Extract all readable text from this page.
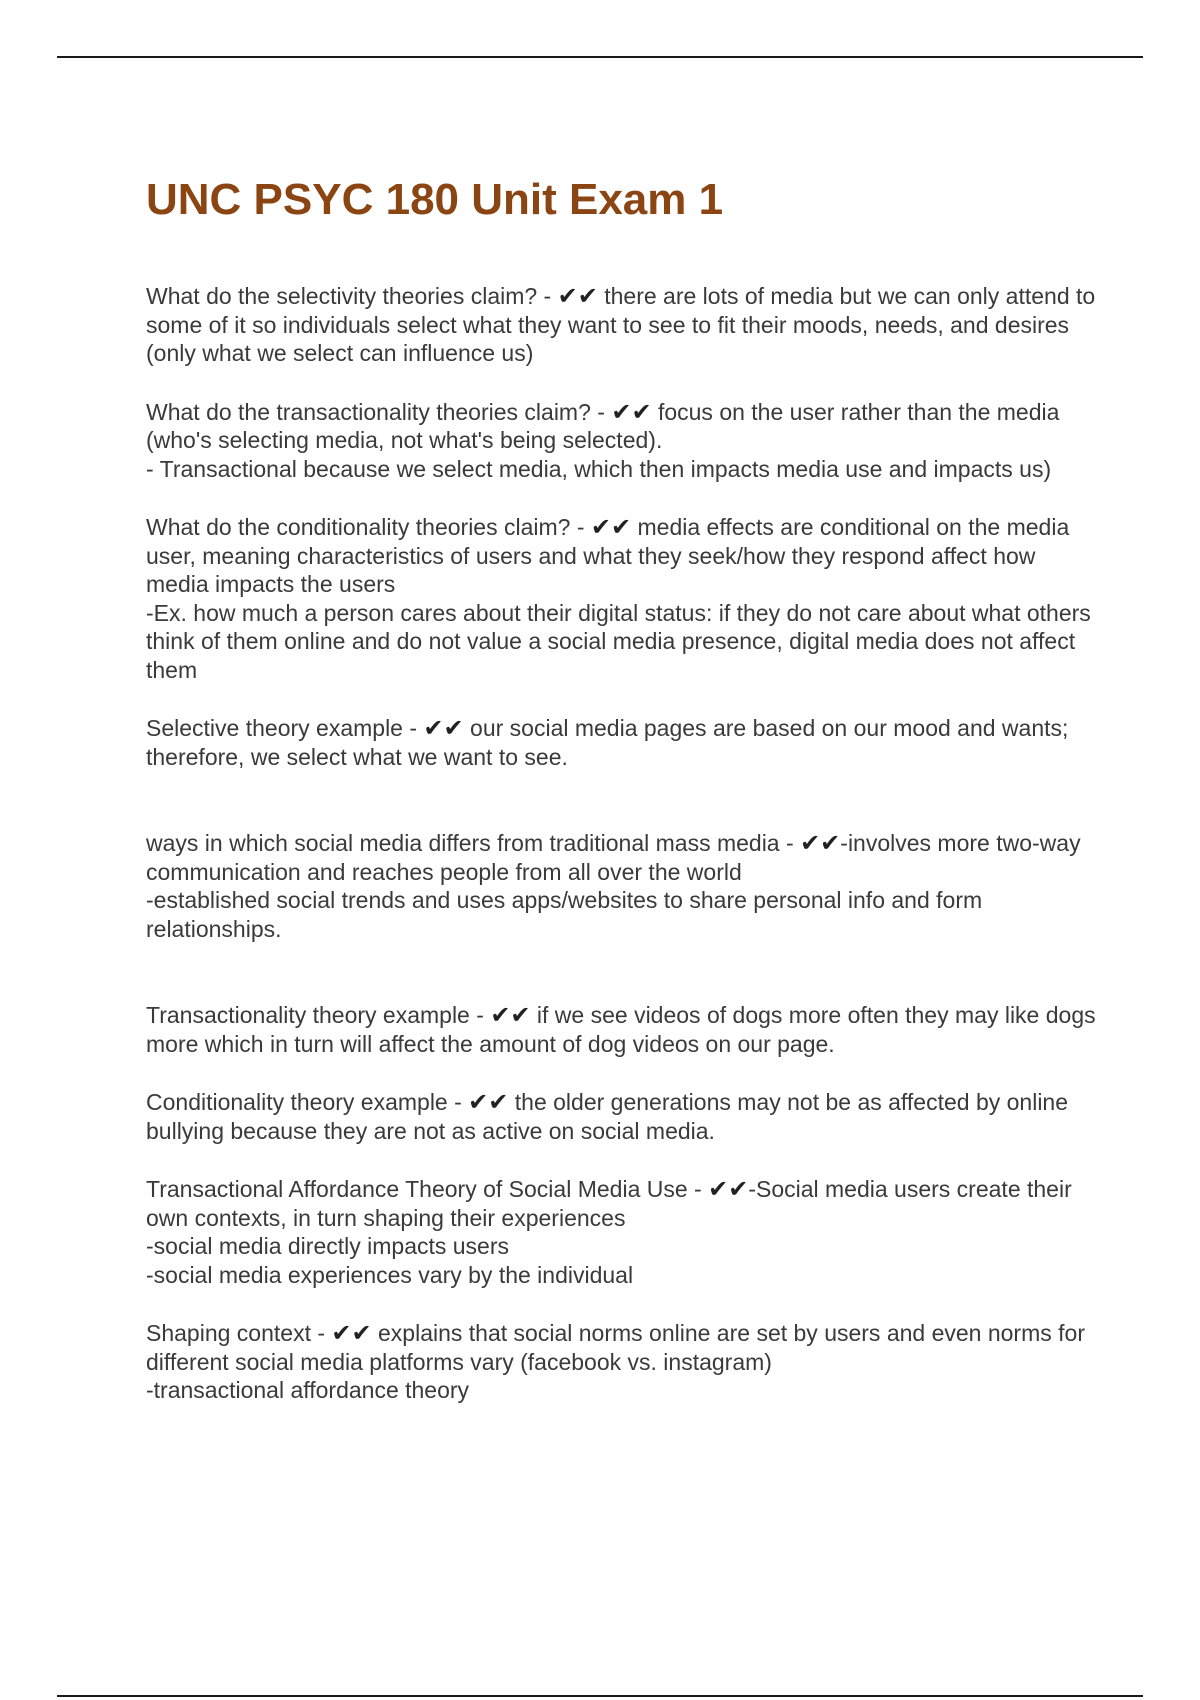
UNC PSYC 180 Unit Exam 1
What do the selectivity theories claim? - ✔✔ there are lots of media but we can only attend to some of it so individuals select what they want to see to fit their moods, needs, and desires (only what we select can influence us)
What do the transactionality theories claim? - ✔✔ focus on the user rather than the media (who's selecting media, not what's being selected).
- Transactional because we select media, which then impacts media use and impacts us)
What do the conditionality theories claim? - ✔✔ media effects are conditional on the media user, meaning characteristics of users and what they seek/how they respond affect how media impacts the users
-Ex. how much a person cares about their digital status: if they do not care about what others think of them online and do not value a social media presence, digital media does not affect them
Selective theory example - ✔✔ our social media pages are based on our mood and wants; therefore, we select what we want to see.
ways in which social media differs from traditional mass media - ✔✔-involves more two-way communication and reaches people from all over the world
-established social trends and uses apps/websites to share personal info and form relationships.
Transactionality theory example - ✔✔ if we see videos of dogs more often they may like dogs more which in turn will affect the amount of dog videos on our page.
Conditionality theory example - ✔✔ the older generations may not be as affected by online bullying because they are not as active on social media.
Transactional Affordance Theory of Social Media Use - ✔✔-Social media users create their own contexts, in turn shaping their experiences
-social media directly impacts users
-social media experiences vary by the individual
Shaping context - ✔✔ explains that social norms online are set by users and even norms for different social media platforms vary (facebook vs. instagram)
-transactional affordance theory
